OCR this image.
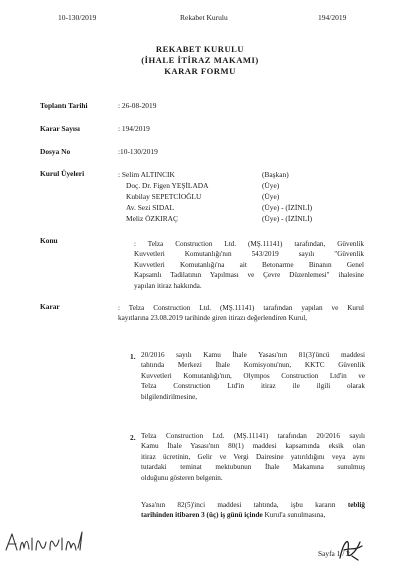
10-130/2019	Rekabet Kurulu	194/2019
REKABET KURULU
(İHALE İTİRAZ MAKAMI)
KARAR FORMU
Toplantı Tarihi	: 26-08-2019
Karar Sayısı	: 194/2019
Dosya No	:10-130/2019
Kurul Üyeleri	: Selim ALTINCIK	(Başkan)
Doç. Dr. Figen YEŞİLADA	(Üye)
Kubilay SEPETCİOĞLU	(Üye)
Av. Sezi SIDAL	(Üye) - (İZİNLİ)
Meliz ÖZKIRAÇ	(Üye) - (İZİNLİ)
Konu	: Telza Construction Ltd. (MŞ.11141) tarafından, Güvenlik
Kuvvetleri Komutanlığı'nın 543/2019 sayılı "Güvenlik
Kuvvetleri Komutanlığı'na ait Betonarme Binanın Genel
Kapsamlı Tadilatının Yapılması ve Çevre Düzenlemesi" ihalesine
yapılan itiraz hakkında.
Karar	: Telza Construction Ltd. (MŞ.11141) tarafından yapılan ve Kurul
kayıtlarına 23.08.2019 tarihinde giren itirazı değerlendiren Kurul,
1. 20/2016 sayılı Kamu İhale Yasası'nın 81(3)'üncü maddesi
tahtında Merkezi İhale Komisyonu'nun, KKTC Güvenlik
Kuvvetleri Komutanlığı'nın, Olympos Construction Ltd'in ve
Telza Construction Ltd'in itiraz ile ilgili olarak
bilgilendirilmesine,
2. Telza Construction Ltd. (MŞ.11141) tarafından 20/2016 sayılı
Kamu İhale Yasası'nın 80(1) maddesi kapsamında eksik olan
itiraz ücretinin, Gelir ve Vergi Dairesine yatırıldığını veya aynı
tutardaki teminat mektubunun İhale Makamına sunulmuş
olduğunu gösteren belgenin.
Yasa'nın 82(5)'inci maddesi tahtında, işbu kararın tebliğ
tarihinden itibaren 3 (üç) iş günü içinde Kurul'a sunulmasına,
Sayfa 1 / 2
